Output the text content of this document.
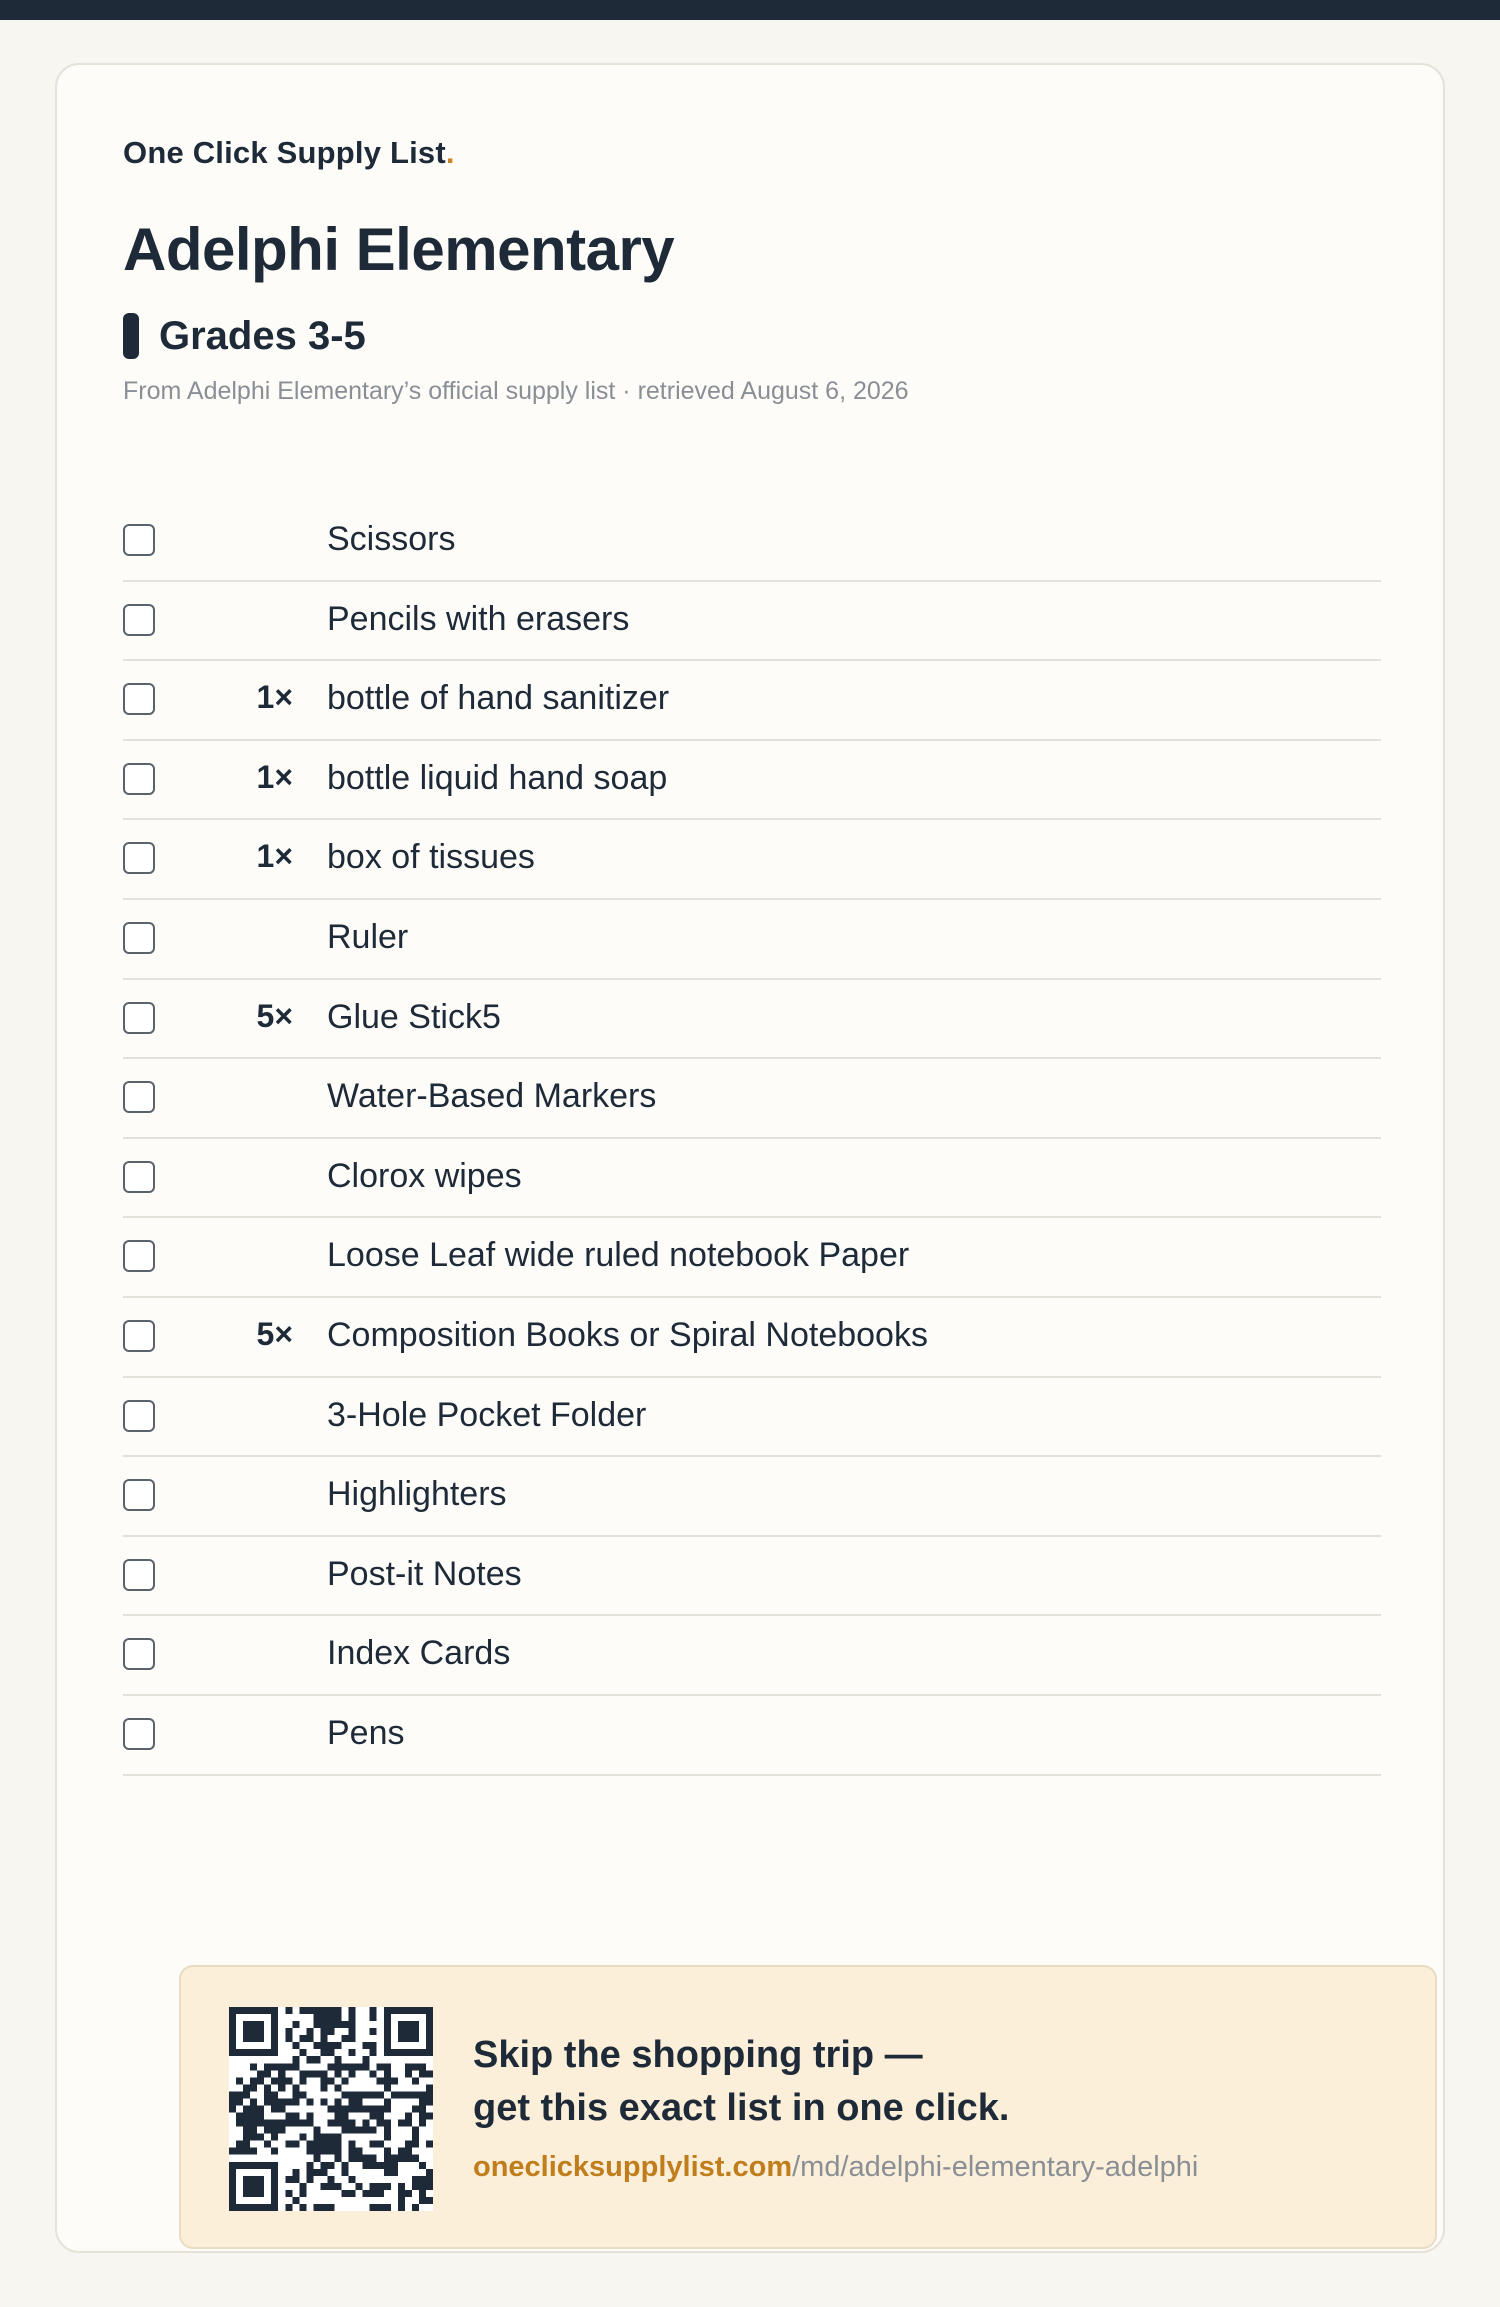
One Click Supply List.
Adelphi Elementary
Grades 3-5
From Adelphi Elementary’s official supply list · retrieved August 6, 2026
Scissors
Pencils with erasers
1× bottle of hand sanitizer
1× bottle liquid hand soap
1× box of tissues
Ruler
5× Glue Stick5
Water-Based Markers
Clorox wipes
Loose Leaf wide ruled notebook Paper
5× Composition Books or Spiral Notebooks
3-Hole Pocket Folder
Highlighters
Post-it Notes
Index Cards
Pens
Skip the shopping trip —
get this exact list in one click.
oneclicksupplylist.com/md/adelphi-elementary-adelphi
